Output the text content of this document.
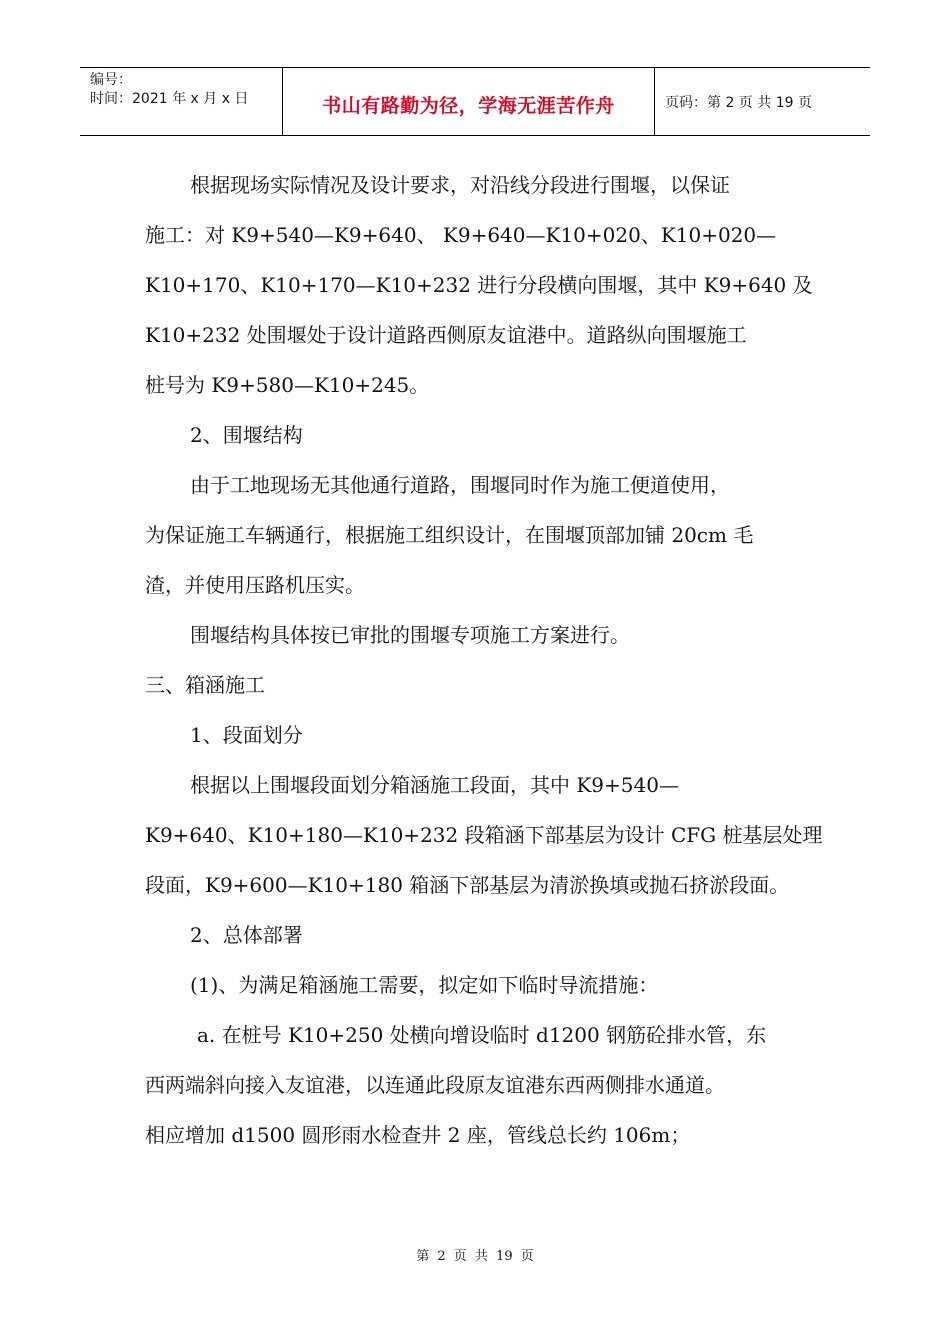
编号：
时间：2021 年 x 月 x 日	书山有路勤为径，学海无涯苦作舟	页码：第 2 页 共 19 页
根据现场实际情况及设计要求，对沿线分段进行围堰，以保证
施工：对 K9+540—K9+640、 K9+640—K10+020、K10+020—
K10+170、K10+170—K10+232 进行分段横向围堰，其中 K9+640 及
K10+232 处围堰处于设计道路西侧原友谊港中。道路纵向围堰施工
桩号为 K9+580—K10+245。
2、围堰结构
由于工地现场无其他通行道路，围堰同时作为施工便道使用，
为保证施工车辆通行，根据施工组织设计，在围堰顶部加铺 20cm 毛
渣，并使用压路机压实。
围堰结构具体按已审批的围堰专项施工方案进行。
三、箱涵施工
1、段面划分
根据以上围堰段面划分箱涵施工段面，其中 K9+540—
K9+640、K10+180—K10+232 段箱涵下部基层为设计 CFG 桩基层处理
段面，K9+600—K10+180 箱涵下部基层为清淤换填或抛石挤淤段面。
2、总体部署
(1)、为满足箱涵施工需要，拟定如下临时导流措施：
a. 在桩号 K10+250 处横向增设临时 d1200 钢筋砼排水管，东
西两端斜向接入友谊港，以连通此段原友谊港东西两侧排水通道。
相应增加 d1500 圆形雨水检查井 2 座，管线总长约 106m；
第 2 页 共 19 页
